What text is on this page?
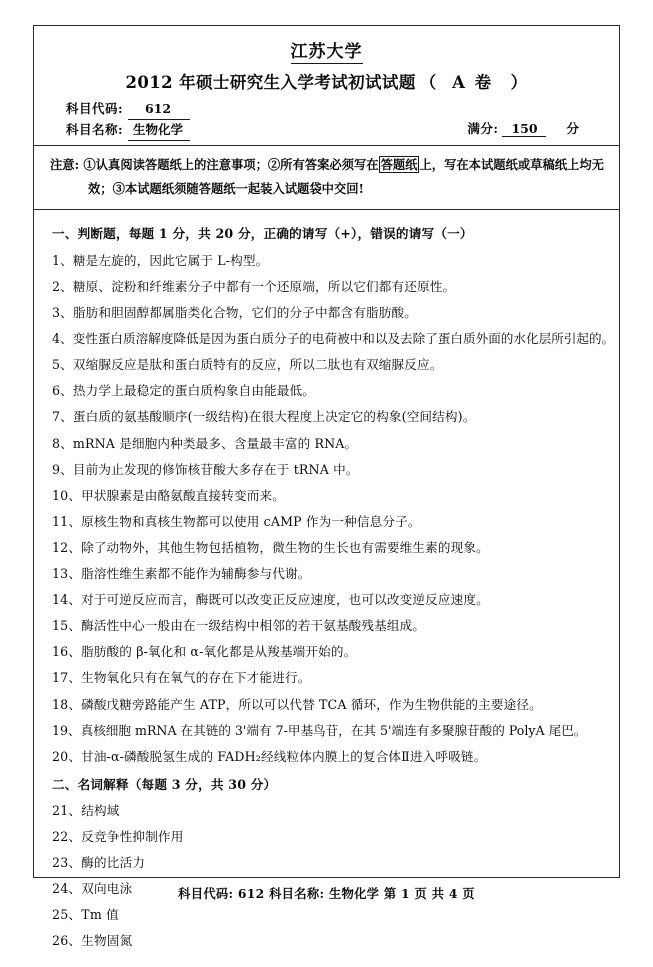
江苏大学
2012 年硕士研究生入学考试初试试题 （ A 卷	）
科目代码:	612
科目名称: 生物化学	满分:	150	分
注意: ①认真阅读答题纸上的注意事项；②所有答案必须写在 答题纸 上，写在本试题纸或草稿纸上均无
效；③本试题纸须随答题纸一起装入试题袋中交回!
一、判断题，每题 1 分，共 20 分，正确的请写（+），错误的请写（一）
1、糖是左旋的，因此它属于 L-构型。
2、糖原、淀粉和纤维素分子中都有一个还原端，所以它们都有还原性。
3、脂肪和胆固醇都属脂类化合物，它们的分子中都含有脂肪酸。
4、变性蛋白质溶解度降低是因为蛋白质分子的电荷被中和以及去除了蛋白质外面的水化层所引起的。
5、双缩脲反应是肽和蛋白质特有的反应，所以二肽也有双缩脲反应。
6、热力学上最稳定的蛋白质构象自由能最低。
7、蛋白质的氨基酸顺序(一级结构)在很大程度上决定它的构象(空间结构)。
8、mRNA 是细胞内种类最多、含量最丰富的 RNA。
9、目前为止发现的修饰核苷酸大多存在于 tRNA 中。
10、甲状腺素是由酪氨酸直接转变而来。
11、原核生物和真核生物都可以使用 cAMP 作为一种信息分子。
12、除了动物外，其他生物包括植物，微生物的生长也有需要维生素的现象。
13、脂溶性维生素都不能作为辅酶参与代谢。
14、对于可逆反应而言，酶既可以改变正反应速度，也可以改变逆反应速度。
15、酶活性中心一般由在一级结构中相邻的若干氨基酸残基组成。
16、脂肪酸的 β-氧化和 α-氧化都是从羧基端开始的。
17、生物氧化只有在氧气的存在下才能进行。
18、磷酸戊糖旁路能产生 ATP，所以可以代替 TCA 循环，作为生物供能的主要途径。
19、真核细胞 mRNA 在其链的 3'端有 7-甲基鸟苷，在其 5'端连有多聚腺苷酸的 PolyA 尾巴。
20、甘油-α-磷酸脱氢生成的 FADH₂经线粒体内膜上的复合体Ⅱ进入呼吸链。
二、名词解释（每题 3 分，共 30 分）
21、结构域
22、反竞争性抑制作用
23、酶的比活力
24、双向电泳
25、Tm 值
26、生物固氮
科目代码: 612 科目名称: 生物化学 第 1 页 共 4 页
